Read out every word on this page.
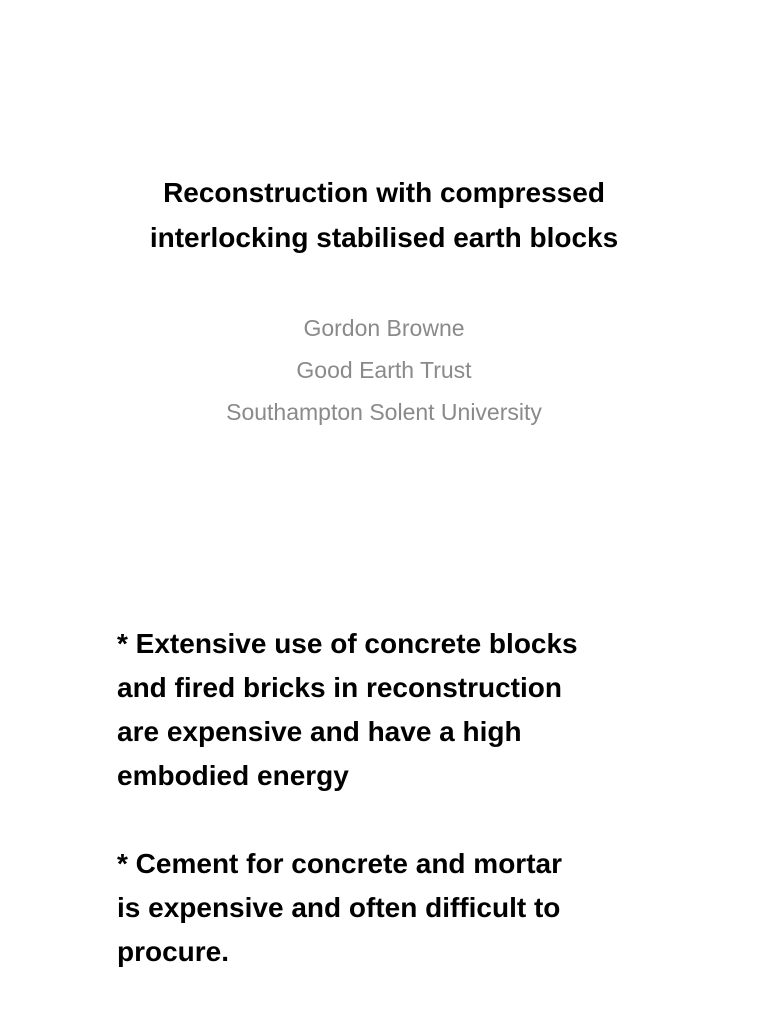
Reconstruction with compressed
interlocking stabilised earth blocks
Gordon Browne
Good Earth Trust
Southampton Solent University

* Extensive use of concrete blocks
and fired bricks in reconstruction
are expensive and have a high
embodied energy

* Cement for concrete and mortar
is expensive and often difficult to
procure.
